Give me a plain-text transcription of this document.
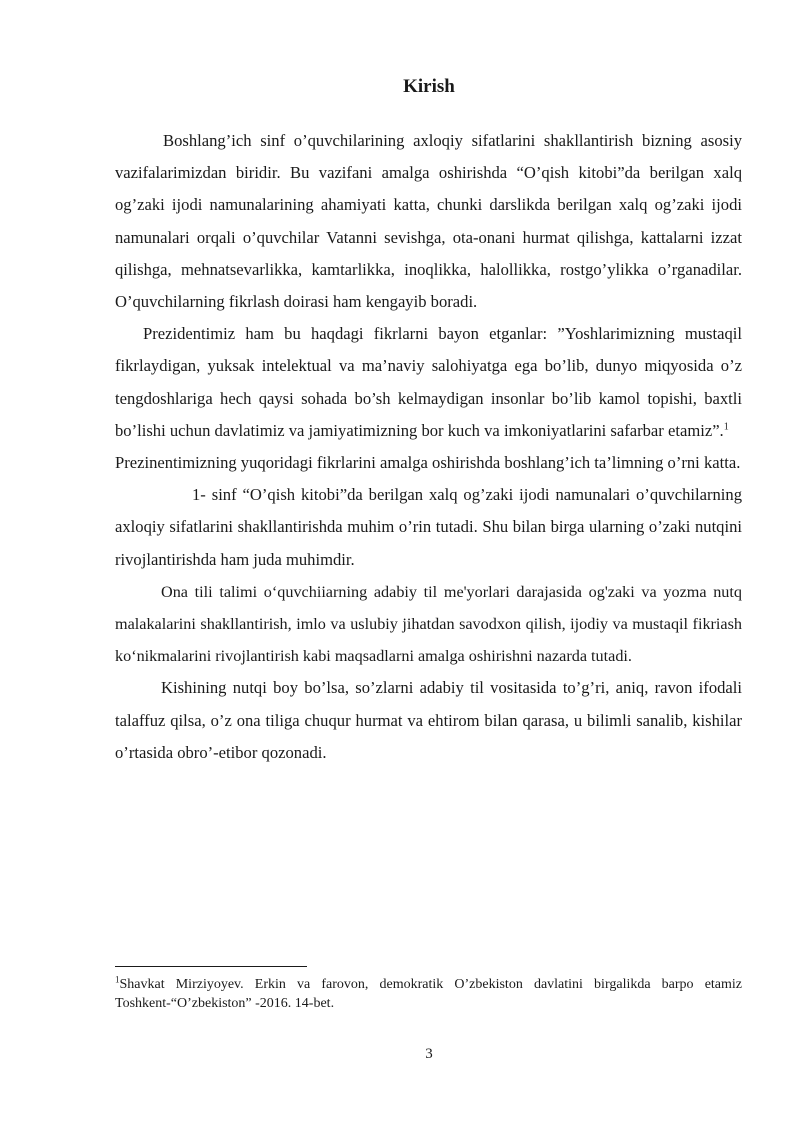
Kirish

Boshlang’ich sinf o’quvchilarining axloqiy sifatlarini shakllantirish bizning asosiy vazifalarimizdan biridir. Bu vazifani amalga oshirishda “O’qish kitobi”da berilgan xalq og’zaki ijodi namunalarining ahamiyati katta, chunki darslikda berilgan xalq og’zaki ijodi namunalari orqali o’quvchilar Vatanni sevishga, ota-onani hurmat qilishga, kattalarni izzat qilishga, mehnatsevarlikka, kamtarlikka, inoqlikka, halollikka, rostgo’ylikka o’rganadilar. O’quvchilarning fikrlash doirasi ham kengayib boradi.

Prezidentimiz ham bu haqdagi fikrlarni bayon etganlar: ”Yoshlarimizning mustaqil fikrlaydigan, yuksak intelektual va ma’naviy salohiyatga ega bo’lib, dunyo miqyosida o’z tengdoshlariga hech qaysi sohada bo’sh kelmaydigan insonlar bo’lib kamol topishi, baxtli bo’lishi uchun davlatimiz va jamiyatimizning bor kuch va imkoniyatlarini safarbar etamiz”.$^1$

Prezinentimizning yuqoridagi fikrlarini amalga oshirishda boshlang’ich ta’limning o’rni katta.

1- sinf “O’qish kitobi”da berilgan xalq og’zaki ijodi namunalari o’quvchilarning axloqiy sifatlarini shakllantirishda muhim o’rin tutadi. Shu bilan birga ularning o’zaki nutqini rivojlantirishda ham juda muhimdir.

Ona tili talimi o‘quvchiiarning adabiy til me'yorlari darajasida og'zaki va yozma nutq malakalarini shakllantirish, imlo va uslubiy jihatdan savodxon qilish, ijodiy va mustaqil fikriash ko‘nikmalarini rivojlantirish kabi maqsadlarni amalga oshirishni nazarda tutadi.

Kishining nutqi boy bo’lsa, so’zlarni adabiy til vositasida to’g’ri, aniq, ravon ifodali talaffuz qilsa, o’z ona tiliga chuqur hurmat va ehtirom bilan qarasa, u bilimli sanalib, kishilar o’rtasida obro’-etibor qozonadi.

$^1$Shavkat Mirziyoyev. Erkin va farovon, demokratik O’zbekiston davlatini birgalikda barpo etamiz Toshkent-“O’zbekiston” -2016. 14-bet.

3
